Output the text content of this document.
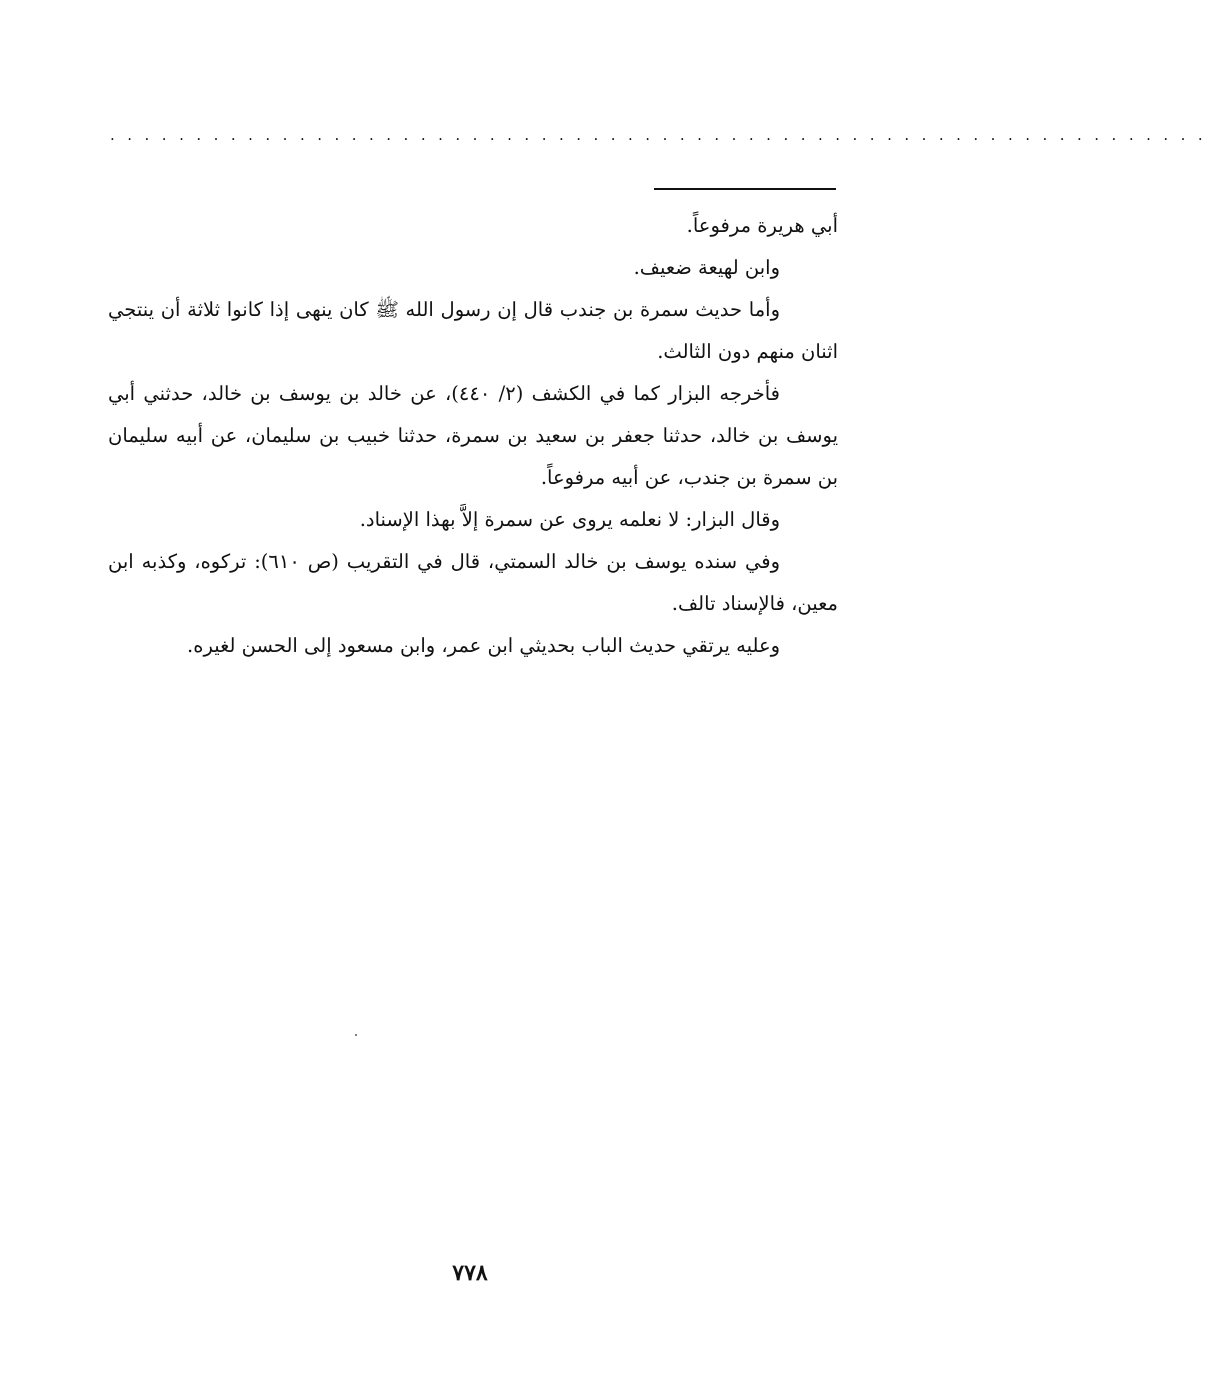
................................................................

أبي هريرة مرفوعاً.

وابن لهيعة ضعيف.

وأما حديث سمرة بن جندب قال إن رسول الله ﷺ كان ينهى إذا كانوا ثلاثة أن ينتجي اثنان منهم دون الثالث.

فأخرجه البزار كما في الكشف (٢/ ٤٤٠)، عن خالد بن يوسف بن خالد، حدثني أبي يوسف بن خالد، حدثنا جعفر بن سعيد بن سمرة، حدثنا خبيب بن سليمان، عن أبيه سليمان بن سمرة بن جندب، عن أبيه مرفوعاً.

وقال البزار: لا نعلمه يروى عن سمرة إلاَّ بهذا الإسناد.

وفي سنده يوسف بن خالد السمتي، قال في التقريب (ص ٦١٠): تركوه، وكذبه ابن معين، فالإسناد تالف.

وعليه يرتقي حديث الباب بحديثي ابن عمر، وابن مسعود إلى الحسن لغيره.

٧٧٨
